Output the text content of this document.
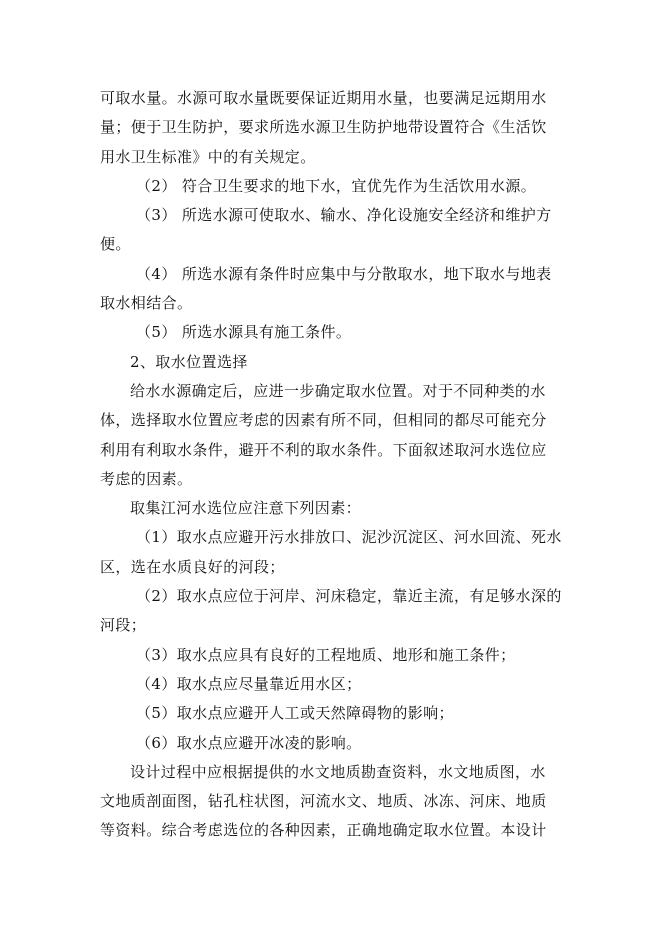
可取水量。水源可取水量既要保证近期用水量，也要满足远期用水
量；便于卫生防护，要求所选水源卫生防护地带设置符合《生活饮
用水卫生标准》中的有关规定。
（2） 符合卫生要求的地下水，宜优先作为生活饮用水源。
（3） 所选水源可使取水、输水、净化设施安全经济和维护方
便。
（4） 所选水源有条件时应集中与分散取水，地下取水与地表
取水相结合。
（5） 所选水源具有施工条件。
2、取水位置选择
给水水源确定后，应进一步确定取水位置。对于不同种类的水
体，选择取水位置应考虑的因素有所不同，但相同的都尽可能充分
利用有利取水条件，避开不利的取水条件。下面叙述取河水选位应
考虑的因素。
取集江河水选位应注意下列因素：
（1）取水点应避开污水排放口、泥沙沉淀区、河水回流、死水
区，选在水质良好的河段；
（2）取水点应位于河岸、河床稳定，靠近主流，有足够水深的
河段；
（3）取水点应具有良好的工程地质、地形和施工条件；
（4）取水点应尽量靠近用水区；
（5）取水点应避开人工或天然障碍物的影响；
（6）取水点应避开冰凌的影响。
设计过程中应根据提供的水文地质勘查资料，水文地质图，水
文地质剖面图，钻孔柱状图，河流水文、地质、冰冻、河床、地质
等资料。综合考虑选位的各种因素，正确地确定取水位置。本设计
